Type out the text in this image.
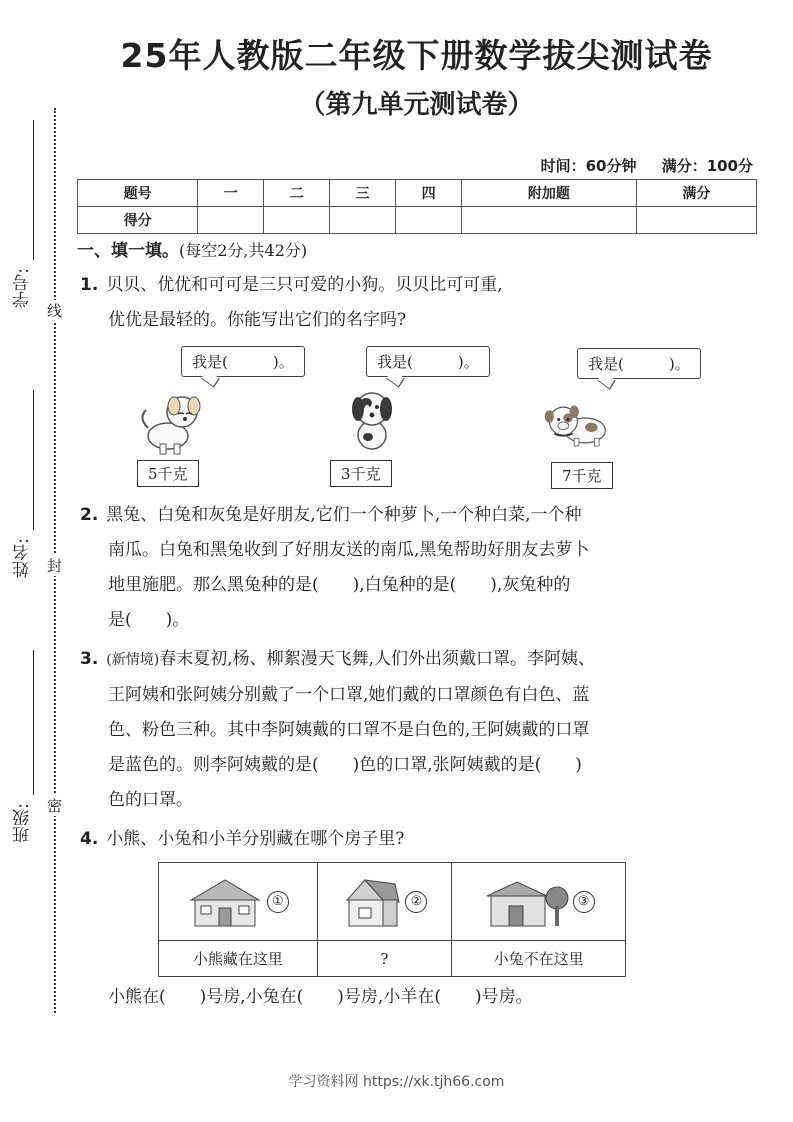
25年人教版二年级下册数学拔尖测试卷
（第九单元测试卷）
时间：60分钟 满分：100分
题号	一	二	三	四	附加题	满分
得分						
学号:
姓名:
班级:
线
封
密
一、填一填。(每空2分,共42分)
1. 贝贝、优优和可可是三只可爱的小狗。贝贝比可可重,
优优是最轻的。你能写出它们的名字吗?
我是(　　　)。	我是(　　　)。	我是(　　　)。
5千克	3千克	7千克
2. 黑兔、白兔和灰兔是好朋友,它们一个种萝卜,一个种白菜,一个种
南瓜。白兔和黑兔收到了好朋友送的南瓜,黑兔帮助好朋友去萝卜
地里施肥。那么黑兔种的是(　　),白兔种的是(　　),灰兔种的
是(　　)。
3. (新情境)春末夏初,杨、柳絮漫天飞舞,人们外出须戴口罩。李阿姨、
王阿姨和张阿姨分别戴了一个口罩,她们戴的口罩颜色有白色、蓝
色、粉色三种。其中李阿姨戴的口罩不是白色的,王阿姨戴的口罩
是蓝色的。则李阿姨戴的是(　　)色的口罩,张阿姨戴的是(　　)
色的口罩。
4. 小熊、小兔和小羊分别藏在哪个房子里?
①	②	③
小熊藏在这里	?	小兔不在这里
小熊在(　　)号房,小兔在(　　)号房,小羊在(　　)号房。
学习资料网 https://xk.tjh66.com
